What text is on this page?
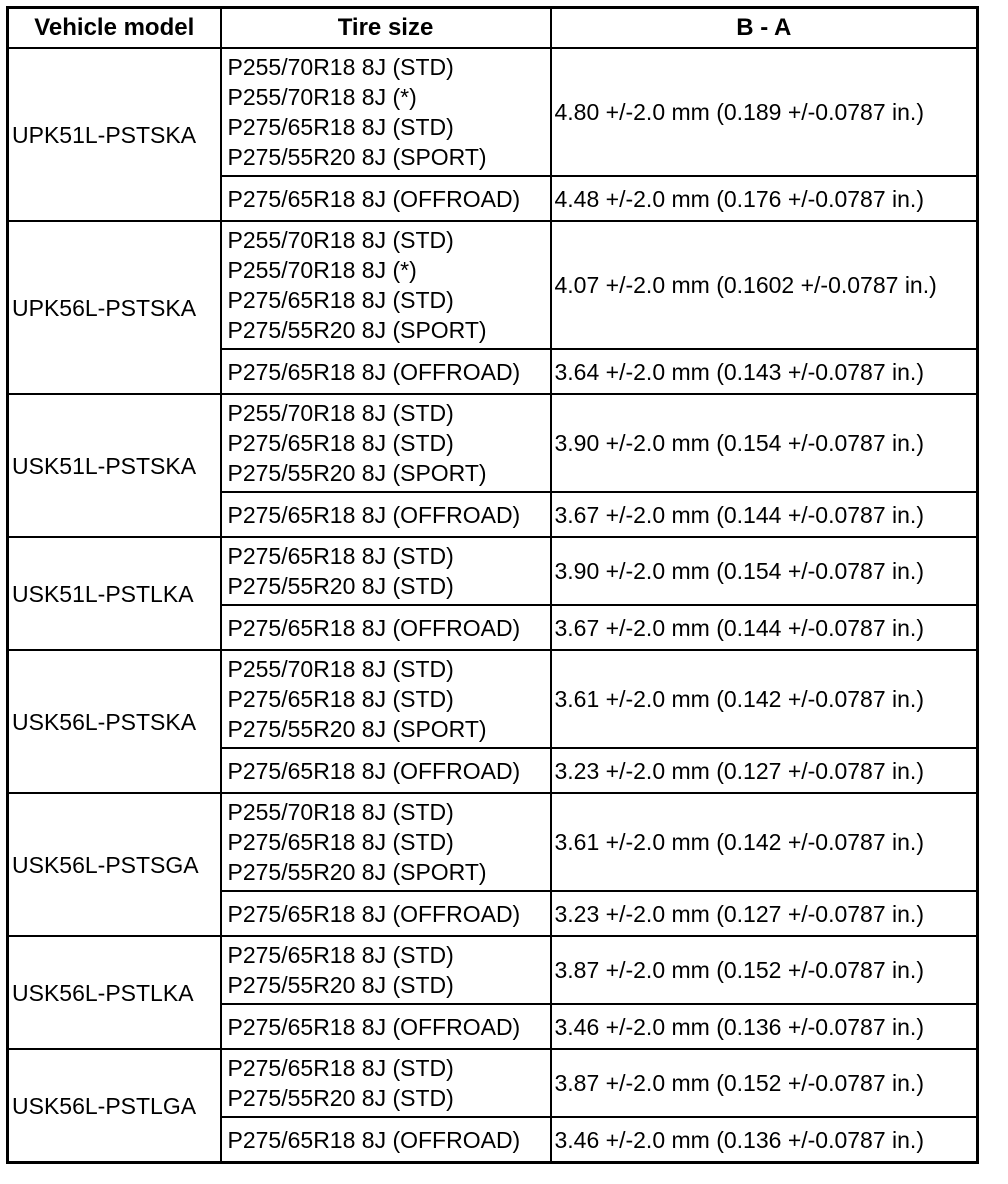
Vehicle model	Tire size	B - A
UPK51L-PSTSKA	P255/70R18 8J (STD)
P255/70R18 8J (*)
P275/65R18 8J (STD)
P275/55R20 8J (SPORT)	4.80 +/-2.0 mm (0.189 +/-0.0787 in.)

	P275/65R18 8J (OFFROAD)	4.48 +/-2.0 mm (0.176 +/-0.0787 in.)
UPK56L-PSTSKA	P255/70R18 8J (STD)
P255/70R18 8J (*)
P275/65R18 8J (STD)
P275/55R20 8J (SPORT)	4.07 +/-2.0 mm (0.1602 +/-0.0787 in.)

	P275/65R18 8J (OFFROAD)	3.64 +/-2.0 mm (0.143 +/-0.0787 in.)
USK51L-PSTSKA	P255/70R18 8J (STD)
P275/65R18 8J (STD)
P275/55R20 8J (SPORT)	3.90 +/-2.0 mm (0.154 +/-0.0787 in.)

	P275/65R18 8J (OFFROAD)	3.67 +/-2.0 mm (0.144 +/-0.0787 in.)
USK51L-PSTLKA	P275/65R18 8J (STD)
P275/55R20 8J (STD)	3.90 +/-2.0 mm (0.154 +/-0.0787 in.)

	P275/65R18 8J (OFFROAD)	3.67 +/-2.0 mm (0.144 +/-0.0787 in.)
USK56L-PSTSKA	P255/70R18 8J (STD)
P275/65R18 8J (STD)
P275/55R20 8J (SPORT)	3.61 +/-2.0 mm (0.142 +/-0.0787 in.)

	P275/65R18 8J (OFFROAD)	3.23 +/-2.0 mm (0.127 +/-0.0787 in.)
USK56L-PSTSGA	P255/70R18 8J (STD)
P275/65R18 8J (STD)
P275/55R20 8J (SPORT)	3.61 +/-2.0 mm (0.142 +/-0.0787 in.)

	P275/65R18 8J (OFFROAD)	3.23 +/-2.0 mm (0.127 +/-0.0787 in.)
USK56L-PSTLKA	P275/65R18 8J (STD)
P275/55R20 8J (STD)	3.87 +/-2.0 mm (0.152 +/-0.0787 in.)

	P275/65R18 8J (OFFROAD)	3.46 +/-2.0 mm (0.136 +/-0.0787 in.)
USK56L-PSTLGA	P275/65R18 8J (STD)
P275/55R20 8J (STD)	3.87 +/-2.0 mm (0.152 +/-0.0787 in.)

	P275/65R18 8J (OFFROAD)	3.46 +/-2.0 mm (0.136 +/-0.0787 in.)
